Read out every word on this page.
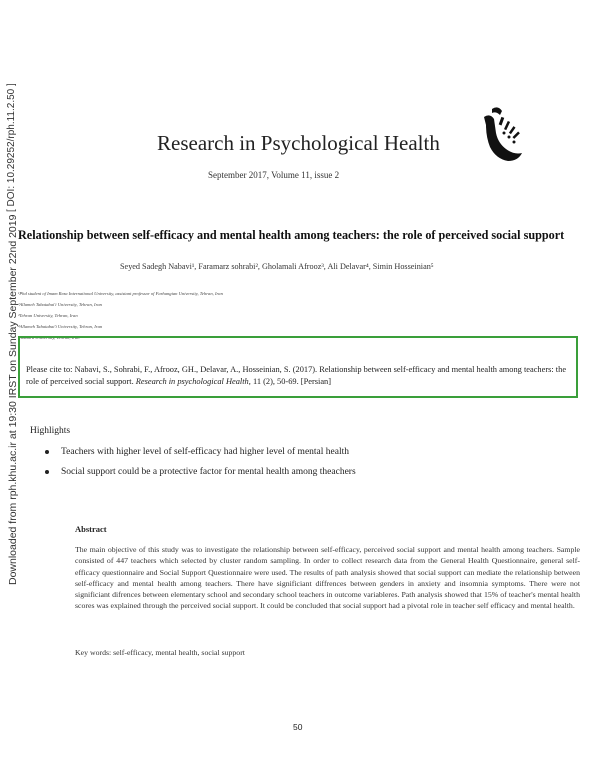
[ DOI: 10.29252/rph.11.2.50 ]
Downloaded from rph.khu.ac.ir at 19:30 IRST on Sunday September 22nd 2019
Research in Psychological Health
September 2017, Volume 11, issue 2
Relationship between self-efficacy and mental health among teachers: the role of perceived social support
Seyed Sadegh Nabavi¹, Faramarz sohrabi², Gholamali Afrooz³, Ali Delavar⁴, Simin Hosseinian⁵
¹Phd student of Imam Reza International University, assistant professor of Farhangian University, Tehran, Iran
²Allameh Tabatabai'i University, Tehran, Iran
³Tehran University, Tehran, Iran
⁴Allameh Tabatabai'i University, Tehran, Iran
⁵Alzahra University, Tehran, Iran
Please cite to: Nabavi, S., Sohrabi, F., Afrooz, GH., Delavar, A., Hosseinian, S. (2017). Relationship between self-efficacy and mental health among teachers: the role of perceived social support. Research in psychological Health, 11 (2), 50-69. [Persian]
Highlights
Teachers with higher level of self-efficacy had higher level of mental health
Social support could be a protective factor for mental health among theachers
Abstract
The main objective of this study was to investigate the relationship between self-efficacy, perceived social support and mental health among teachers. Sample consisted of 447 teachers which selected by cluster random sampling. In order to collect research data from the General Health Questionnaire, general self-efficacy questionnaire and Social Support Questionnaire were used. The results of path analysis showed that social support can mediate the relationship between self-efficacy and mental health among teachers. There have significiant diffrences between genders in anxiety and insomnia symptoms. There were not significiant difrences between elementary school and secondary school teachers in outcome variableres. Path analysis showed that 15% of teacher's mental health scores was explained through the perceived social support. It could be concluded that social support had a pivotal role in teacher self efficacy and mental health.
Key words: self-efficacy, mental health, social support
50
